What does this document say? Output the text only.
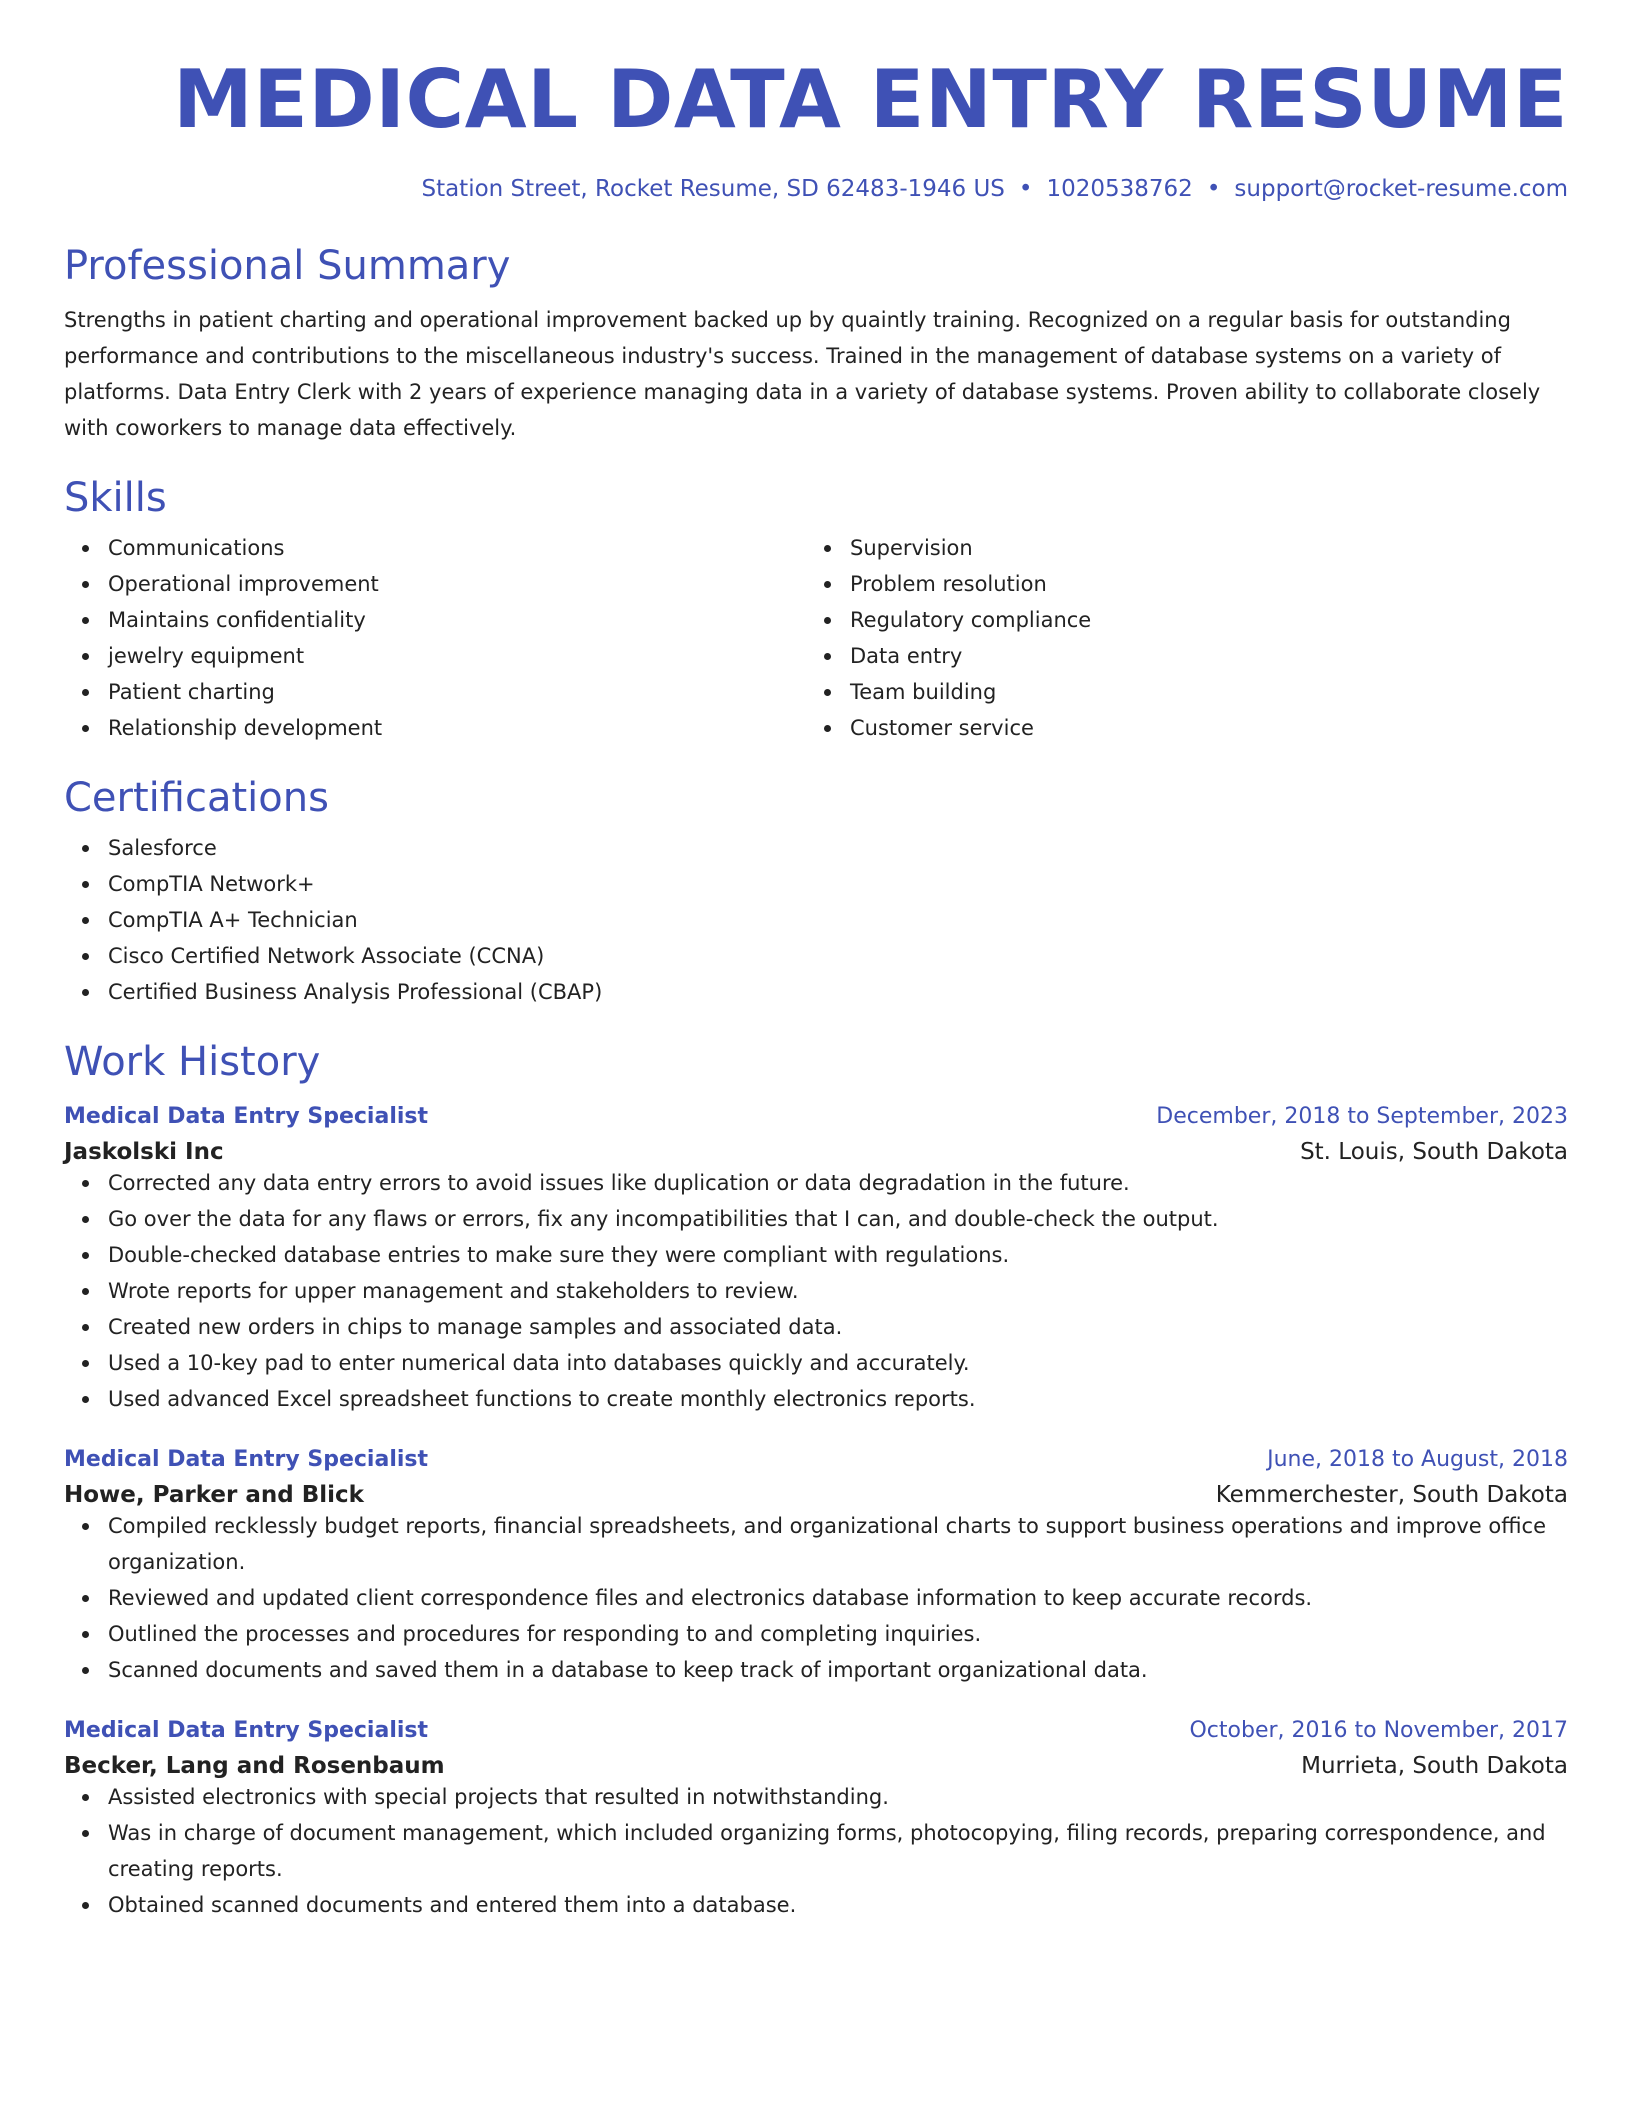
MEDICAL DATA ENTRY RESUME
Station Street, Rocket Resume, SD 62483-1946 US • 1020538762 • support@rocket-resume.com
Professional Summary

Strengths in patient charting and operational improvement backed up by quaintly training. Recognized on a regular basis for outstanding performance and contributions to the miscellaneous industry's success. Trained in the management of database systems on a variety of platforms. Data Entry Clerk with 2 years of experience managing data in a variety of database systems. Proven ability to collaborate closely with coworkers to manage data effectively.

Skills
Communications
Operational improvement
Maintains confidentiality
jewelry equipment
Patient charting
Relationship development
Supervision
Problem resolution
Regulatory compliance
Data entry
Team building
Customer service
Certifications
Salesforce
CompTIA Network+
CompTIA A+ Technician
Cisco Certified Network Associate (CCNA)
Certified Business Analysis Professional (CBAP)
Work History
Medical Data Entry Specialist	December, 2018 to September, 2023
Jaskolski Inc	St. Louis, South Dakota
Corrected any data entry errors to avoid issues like duplication or data degradation in the future.
Go over the data for any flaws or errors, fix any incompatibilities that I can, and double-check the output.
Double-checked database entries to make sure they were compliant with regulations.
Wrote reports for upper management and stakeholders to review.
Created new orders in chips to manage samples and associated data.
Used a 10-key pad to enter numerical data into databases quickly and accurately.
Used advanced Excel spreadsheet functions to create monthly electronics reports.
Medical Data Entry Specialist	June, 2018 to August, 2018
Howe, Parker and Blick	Kemmerchester, South Dakota
Compiled recklessly budget reports, financial spreadsheets, and organizational charts to support business operations and improve office organization.
Reviewed and updated client correspondence files and electronics database information to keep accurate records.
Outlined the processes and procedures for responding to and completing inquiries.
Scanned documents and saved them in a database to keep track of important organizational data.
Medical Data Entry Specialist	October, 2016 to November, 2017
Becker, Lang and Rosenbaum	Murrieta, South Dakota
Assisted electronics with special projects that resulted in notwithstanding.
Was in charge of document management, which included organizing forms, photocopying, filing records, preparing correspondence, and creating reports.
Obtained scanned documents and entered them into a database.
